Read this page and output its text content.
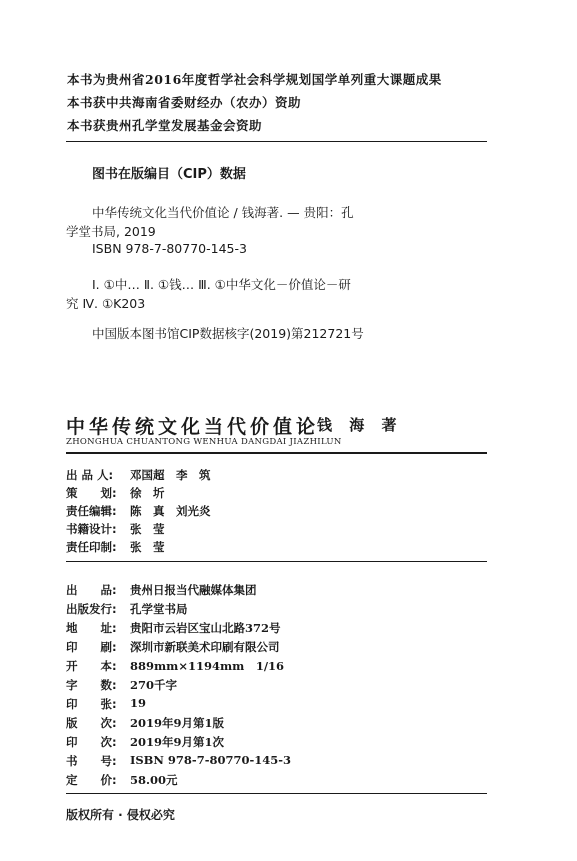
本书为贵州省2016年度哲学社会科学规划国学单列重大课题成果
本书获中共海南省委财经办（农办）资助
本书获贵州孔学堂发展基金会资助
图书在版编目（CIP）数据
中华传统文化当代价值论 / 钱海著. — 贵阳：孔
学堂书局, 2019
ISBN 978-7-80770-145-3
Ⅰ. ①中… Ⅱ. ①钱… Ⅲ. ①中华文化－价值论－研
究 Ⅳ. ①K203
中国版本图书馆CIP数据核字(2019)第212721号
中华传统文化当代价值论
钱 海 著
ZHONGHUA CHUANTONG WENHUA DANGDAI JIAZHILUN
出 品 人:	邓国超　李　筑
策　　划:	徐　圻
责任编辑:	陈　真　刘光炎
书籍设计:	张　莹
责任印制:	张　莹
出　　品:	贵州日报当代融媒体集团
出版发行:	孔学堂书局
地　　址:	贵阳市云岩区宝山北路372号
印　　刷:	深圳市新联美术印刷有限公司
开　　本:	889mm×1194mm　1/16
字　　数:	270千字
印　　张:	19
版　　次:	2019年9月第1版
印　　次:	2019年9月第1次
书　　号:	ISBN 978-7-80770-145-3
定　　价:	58.00元
版权所有 · 侵权必究
